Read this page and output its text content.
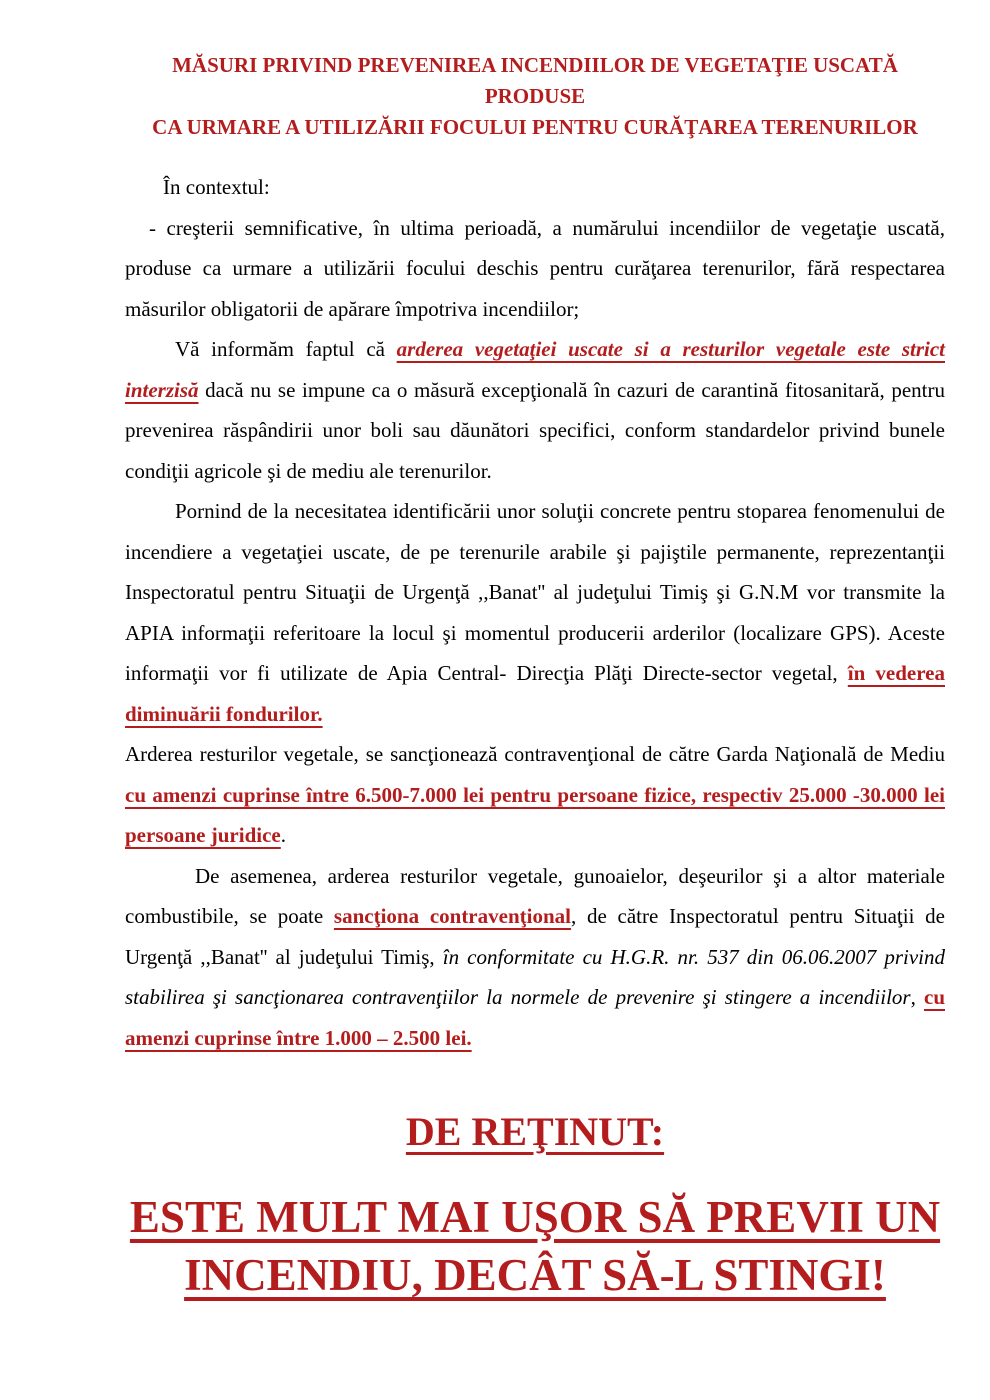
MĂSURI PRIVIND PREVENIREA INCENDIILOR DE VEGETAŢIE USCATĂ PRODUSE
CA URMARE A UTILIZĂRII FOCULUI PENTRU CURĂŢAREA TERENURILOR

În contextul:

- creşterii semnificative, în ultima perioadă, a numărului incendiilor de vegetaţie uscată, produse ca urmare a utilizării focului deschis pentru curăţarea terenurilor, fără respectarea măsurilor obligatorii de apărare împotriva incendiilor;

Vă informăm faptul că arderea vegetaţiei uscate si a resturilor vegetale este strict interzisă dacă nu se impune ca o măsură excepţională în cazuri de carantină fitosanitară, pentru prevenirea răspândirii unor boli sau dăunători specifici, conform standardelor privind bunele condiţii agricole şi de mediu ale terenurilor.

Pornind de la necesitatea identificării unor soluţii concrete pentru stoparea fenomenului de incendiere a vegetaţiei uscate, de pe terenurile arabile şi pajiştile permanente, reprezentanţii Inspectoratul pentru Situaţii de Urgenţă ,,Banat'' al judeţului Timiş şi G.N.M vor transmite la APIA informaţii referitoare la locul şi momentul producerii arderilor (localizare GPS). Aceste informaţii vor fi utilizate de Apia Central- Direcţia Plăţi Directe-sector vegetal, în vederea diminuării fondurilor.

Arderea resturilor vegetale, se sancţionează contravenţional de către Garda Naţională de Mediu cu amenzi cuprinse între 6.500-7.000 lei pentru persoane fizice, respectiv 25.000 -30.000 lei persoane juridice.

De asemenea, arderea resturilor vegetale, gunoaielor, deşeurilor şi a altor materiale combustibile, se poate sancţiona contravenţional, de către Inspectoratul pentru Situaţii de Urgenţă ,,Banat'' al judeţului Timiş, în conformitate cu H.G.R. nr. 537 din 06.06.2007 privind stabilirea şi sancţionarea contravenţiilor la normele de prevenire şi stingere a incendiilor, cu amenzi cuprinse între 1.000 – 2.500 lei.

DE REŢINUT:
ESTE MULT MAI UŞOR SĂ PREVII UN
INCENDIU, DECÂT SĂ-L STINGI!
